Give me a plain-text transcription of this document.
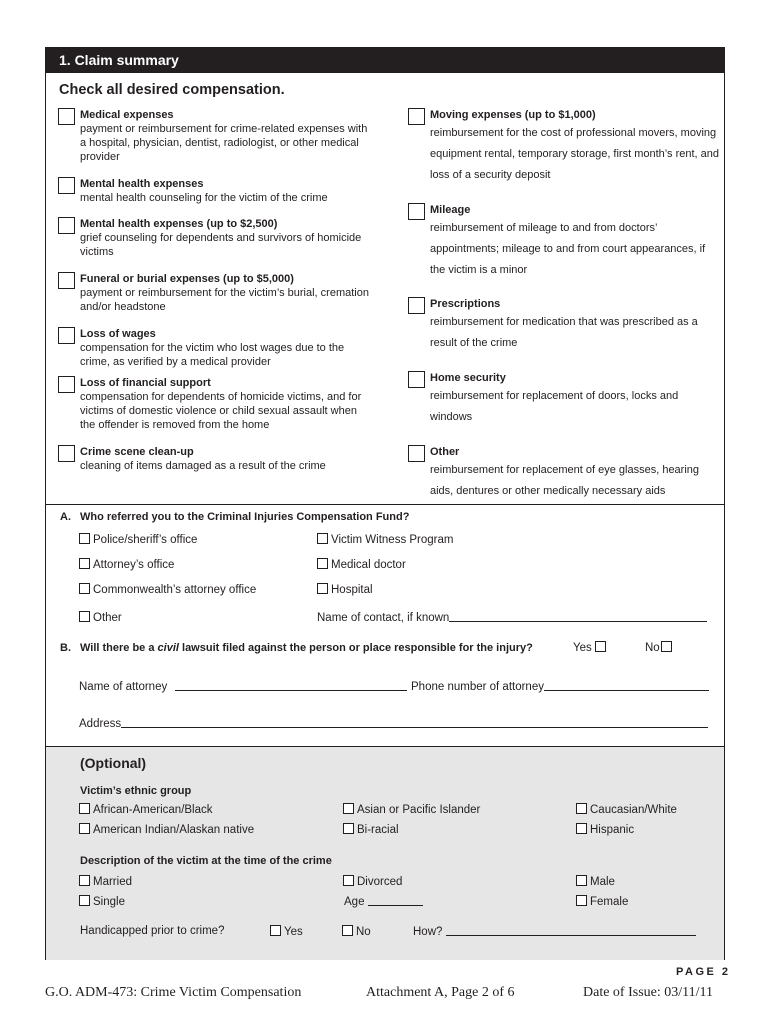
1. Claim summary
Check all desired compensation.
Medical expenses
payment or reimbursement for crime-related expenses with a hospital, physician, dentist, radiologist, or other medical provider
Mental health expenses
mental health counseling for the victim of the crime
Mental health expenses (up to $2,500)
grief counseling for dependents and survivors of homicide victims
Funeral or burial expenses (up to $5,000)
payment or reimbursement for the victim’s burial, cremation and/or headstone
Loss of wages
compensation for the victim who lost wages due to the crime, as verified by a medical provider
Loss of financial support
compensation for dependents of homicide victims, and for victims of domestic violence or child sexual assault when the offender is removed from the home
Crime scene clean-up
cleaning of items damaged as a result of the crime
Moving expenses (up to $1,000)
reimbursement for the cost of professional movers, moving equipment rental, temporary storage, first month’s rent, and loss of a security deposit
Mileage
reimbursement of mileage to and from doctors’ appointments; mileage to and from court appearances, if the victim is a minor
Prescriptions
reimbursement for medication that was prescribed as a result of the crime
Home security
reimbursement for replacement of doors, locks and windows
Other
reimbursement for replacement of eye glasses, hearing aids, dentures or other medically necessary aids
A. Who referred you to the Criminal Injuries Compensation Fund?
Police/sheriff’s office	Victim Witness Program
Attorney’s office	Medical doctor
Commonwealth’s attorney office	Hospital
Other	Name of contact, if known
B. Will there be a civil lawsuit filed against the person or place responsible for the injury?	Yes	No
Name of attorney	Phone number of attorney
Address
(Optional)
Victim’s ethnic group
African-American/Black	Asian or Pacific Islander	Caucasian/White
American Indian/Alaskan native	Bi-racial	Hispanic
Description of the victim at the time of the crime
Married	Divorced	Male
Single	Age	Female
Handicapped prior to crime?	Yes	No	How?
PAGE 2
G.O. ADM-473: Crime Victim Compensation	Attachment A, Page 2 of 6	Date of Issue: 03/11/11
